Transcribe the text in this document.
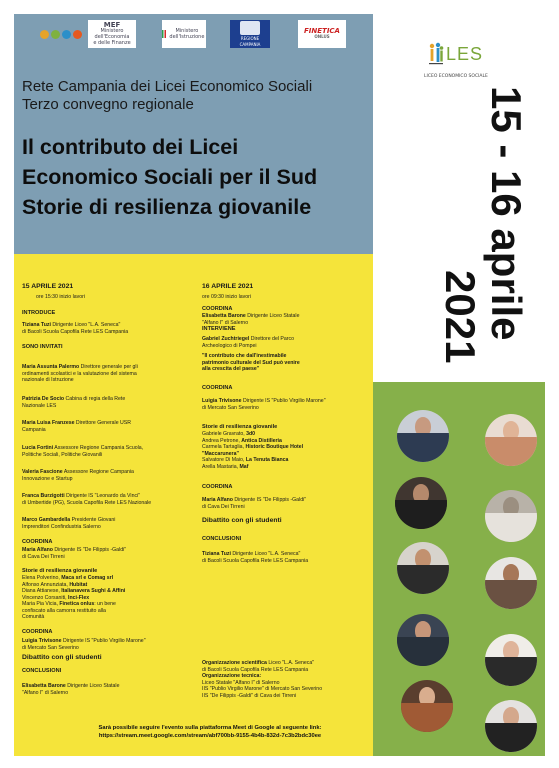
MEF
Ministero
dell'Economia
e delle Finanze
Ministero dell'Istruzione	REGIONE CAMPANIA
FINETICA
ONLUS
Rete Campania dei Licei Economico Sociali
Terzo convegno regionale
Il contributo dei Licei
Economico Sociali per il Sud
Storie di resilienza giovanile
LES
LICEO ECONOMICO SOCIALE
15 - 16 aprile
2021
15 APRILE 2021
ore 15:30 inizio lavori
INTRODUCE
Tiziana Tuzi Dirigente Liceo "L.A. Seneca"
di Bacoli Scuola Capofila Rete LES Campania
SONO INVITATI
Maria Assunta Palermo Direttore generale per gli
ordinamenti scolastici e la valutazione del sistema
nazionale di Istruzione
Patrizia De Socio Cabina di regia della Rete
Nazionale LES
Maria Luisa Franzese Direttore Generale USR
Campania
Lucia Fortini Assessore Regione Campania Scuola,
Politiche Sociali, Politiche Giovanili
Valeria Fascione Assessore Regione Campania
Innovazione e Startup
Franca Burzigotti Dirigente IS "Leonardo da Vinci"
di Umbertide (PG), Scuola Capofila Rete LES Nazionale
Marco Gambardella Presidente Giovani
Imprenditori Confindustria Salerno
COORDINA
Maria Alfano Dirigente IS "De Filippis -Galdi"
di Cava Dei Tirreni
Storie di resilienza giovanile
Elena Polverino, Maca srl e Comag srl
Alfonso Annunziata, Hubitat
Diana Attianese, Italianavera Sughi & Affini
Vincenzo Corsaniti, Inci-Flex
Maria Pia Vicia, Finetica onlus: un bene
confiscato alla camorra restituito alla
Comunità
COORDINA
Luigia Trivisone Dirigente IS "Publio Virgilio Marone"
di Mercato San Severino
Dibattito con gli studenti
CONCLUSIONI
Elisabetta Barone Dirigente Liceo Statale
"Alfano I" di Salerno
16 APRILE 2021
ore 09:30 inizio lavori
COORDINA
Elisabetta Barone Dirigente Liceo Statale
"Alfano I" di Salerno
INTERVIENE
Gabriel Zuchtriegel Direttore del Parco
Archeologico di Pompei
"Il contributo che dall'inestimabile
patrimonio culturale del Sud può venire
alla crescita del paese"
COORDINA
Luigia Trivisone Dirigente IS "Publio Virgilio Marone"
di Mercato San Severino
Storie di resilienza giovanile
Gabriele Gravrato, 3d0
Andrea Petrone, Antica Distilleria
Carmela Tartaglia, Historic Boutique Hotel
"Maccarunera"
Salvatore Di Maio, La Tenuta Bianca
Arella Mastaria, Maf
COORDINA
Maria Alfano Dirigente IS "De Filippis -Galdi"
di Cava Dei Tirreni
Dibattito con gli studenti
CONCLUSIONI
Tiziana Tuzi Dirigente Liceo "L.A. Seneca"
di Bacoli Scuola Capofila Rete LES Campania
Organizzazione scientifica Liceo "L.A. Seneca"
di Bacoli Scuola Capofila Rete LES Campania
Organizzazione tecnica:
Liceo Statale "Alfano I" di Salerno
IIS "Publio Virgilio Marone" di Mercato San Severino
IIS "De Filippis -Galdi" di Cava dei Tirreni
Sarà possibile seguire l'evento sulla piattaforma Meet di Google al seguente link:
https://stream.meet.google.com/stream/abf700bb-9155-4b4b-832d-7c3b2bdc30ee
